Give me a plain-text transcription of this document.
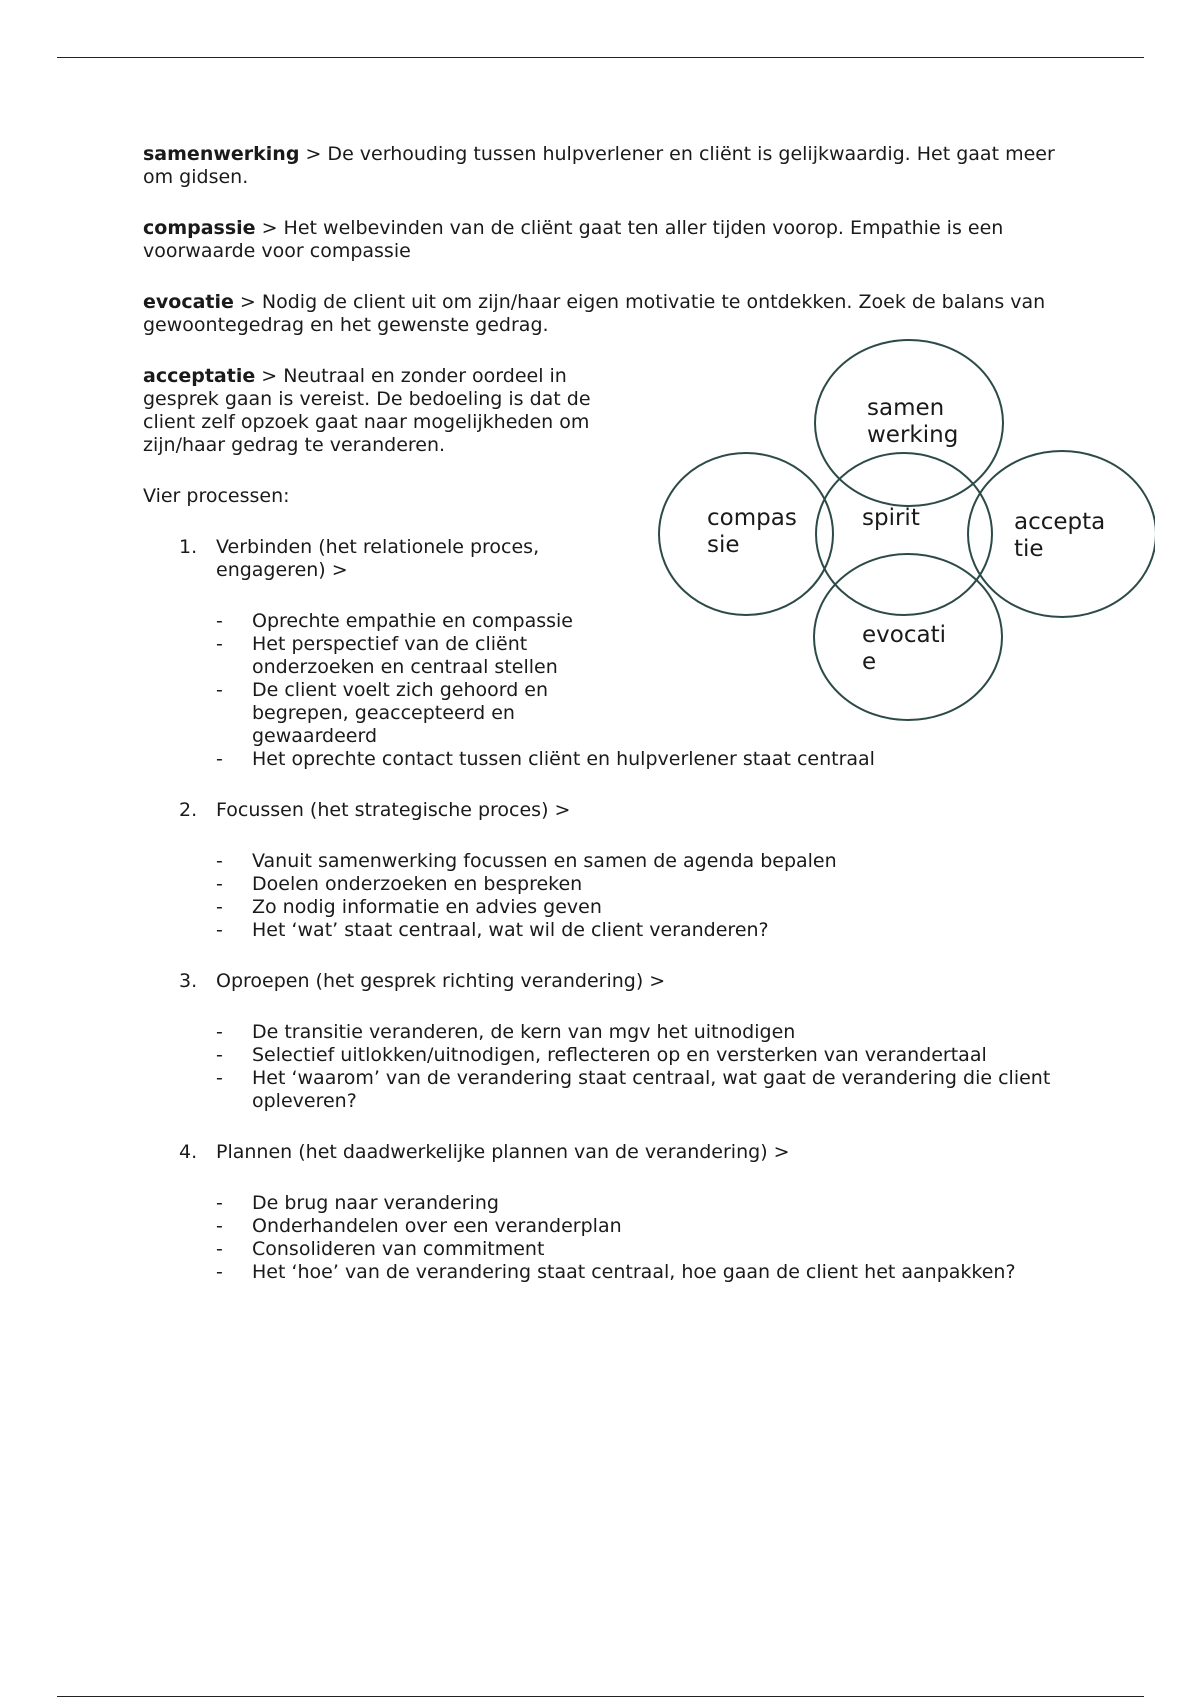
samenwerking > De verhouding tussen hulpverlener en cliënt is gelijkwaardig. Het gaat meer om gidsen.

compassie > Het welbevinden van de cliënt gaat ten aller tijden voorop. Empathie is een voorwaarde voor compassie

evocatie > Nodig de client uit om zijn/haar eigen motivatie te ontdekken. Zoek de balans van gewoontegedrag en het gewenste gedrag.

acceptatie > Neutraal en zonder oordeel in gesprek gaan is vereist. De bedoeling is dat de client zelf opzoek gaat naar mogelijkheden om zijn/haar gedrag te veranderen.

Vier processen:

1. Verbinden (het relationele proces, engageren) >

- Oprechte empathie en compassie
- Het perspectief van de cliënt onderzoeken en centraal stellen
- De client voelt zich gehoord en begrepen, geaccepteerd en gewaardeerd
- Het oprechte contact tussen cliënt en hulpverlener staat centraal
2. Focussen (het strategische proces) >

- Vanuit samenwerking focussen en samen de agenda bepalen
- Doelen onderzoeken en bespreken
- Zo nodig informatie en advies geven
- Het ‘wat’ staat centraal, wat wil de client veranderen?
3. Oproepen (het gesprek richting verandering) >

- De transitie veranderen, de kern van mgv het uitnodigen
- Selectief uitlokken/uitnodigen, reflecteren op en versterken van verandertaal
- Het ‘waarom’ van de verandering staat centraal, wat gaat de verandering die client opleveren?
4. Plannen (het daadwerkelijke plannen van de verandering) >

- De brug naar verandering
- Onderhandelen over een veranderplan
- Consolideren van commitment
- Het ‘hoe’ van de verandering staat centraal, hoe gaan de client het aanpakken?
samen
werking
compas
sie
spirit	accepta
tie
evocati
e
